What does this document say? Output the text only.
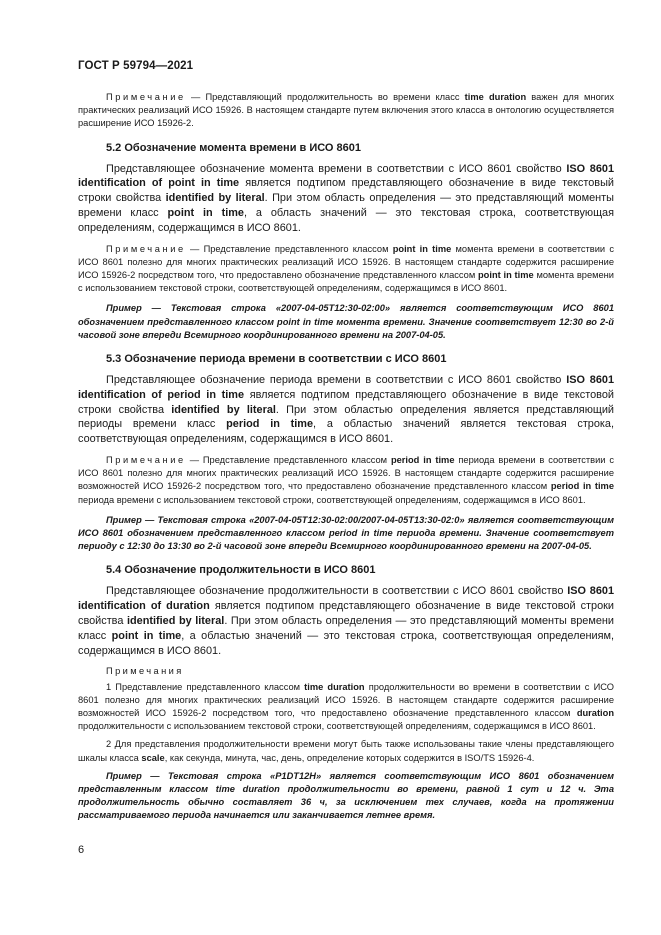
ГОСТ Р 59794—2021

Примечание — Представляющий продолжительность во времени класс time duration важен для многих практических реализаций ИСО 15926. В настоящем стандарте путем включения этого класса в онтологию осуществляется расширение ИСО 15926-2.

5.2 Обозначение момента времени в ИСО 8601

Представляющее обозначение момента времени в соответствии с ИСО 8601 свойство ISO 8601 identification of point in time является подтипом представляющего обозначение в виде текстовый строки свойства identified by literal. При этом область определения — это представляющий моменты времени класс point in time, а область значений — это текстовая строка, соответствующая определениям, содержащимся в ИСО 8601.

Примечание — Представление представленного классом point in time момента времени в соответствии с ИСО 8601 полезно для многих практических реализаций ИСО 15926. В настоящем стандарте содержится расширение ИСО 15926-2 посредством того, что предоставлено обозначение представленного классом point in time момента времени с использованием текстовой строки, соответствующей определениям, содержащимся в ИСО 8601.

Пример — Текстовая строка «2007-04-05T12:30-02:00» является соответствующим ИСО 8601 обозначением представленного классом point in time момента времени. Значение соответствует 12:30 во 2-й часовой зоне впереди Всемирного координированного времени на 2007-04-05.

5.3 Обозначение периода времени в соответствии с ИСО 8601

Представляющее обозначение периода времени в соответствии с ИСО 8601 свойство ISO 8601 identification of period in time является подтипом представляющего обозначение в виде текстовой строки свойства identified by literal. При этом областью определения является представляющий периоды времени класс period in time, а областью значений является текстовая строка, соответствующая определениям, содержащимся в ИСО 8601.

Примечание — Представление представленного классом period in time периода времени в соответствии с ИСО 8601 полезно для многих практических реализаций ИСО 15926. В настоящем стандарте содержится расширение возможностей ИСО 15926-2 посредством того, что предоставлено обозначение представленного классом period in time периода времени с использованием текстовой строки, соответствующей определениям, содержащимся в ИСО 8601.

Пример — Текстовая строка «2007-04-05T12:30-02:00/2007-04-05T13:30-02:0» является соответствующим ИСО 8601 обозначением представленного классом period in time периода времени. Значение соответствует периоду с 12:30 до 13:30 во 2-й часовой зоне впереди Всемирного координированного времени на 2007-04-05.

5.4 Обозначение продолжительности в ИСО 8601

Представляющее обозначение продолжительности в соответствии с ИСО 8601 свойство ISO 8601 identification of duration является подтипом представляющего обозначение в виде текстовой строки свойства identified by literal. При этом область определения — это представляющий моменты времени класс point in time, а областью значений — это текстовая строка, соответствующая определениям, содержащимся в ИСО 8601.

Примечания

1 Представление представленного классом time duration продолжительности во времени в соответствии с ИСО 8601 полезно для многих практических реализаций ИСО 15926. В настоящем стандарте содержится расширение возможностей ИСО 15926-2 посредством того, что предоставлено обозначение представленного классом duration продолжительности с использованием текстовой строки, соответствующей определениям, содержащимся в ИСО 8601.

2 Для представления продолжительности времени могут быть также использованы такие члены представляющего шкалы класса scale, как секунда, минута, час, день, определение которых содержится в ISO/TS 15926-4.

Пример — Текстовая строка «P1DT12H» является соответствующим ИСО 8601 обозначением представленным классом time duration продолжительности во времени, равной 1 сут и 12 ч. Эта продолжительность обычно составляет 36 ч, за исключением тех случаев, когда на протяжении рассматриваемого периода начинается или заканчивается летнее время.

6
